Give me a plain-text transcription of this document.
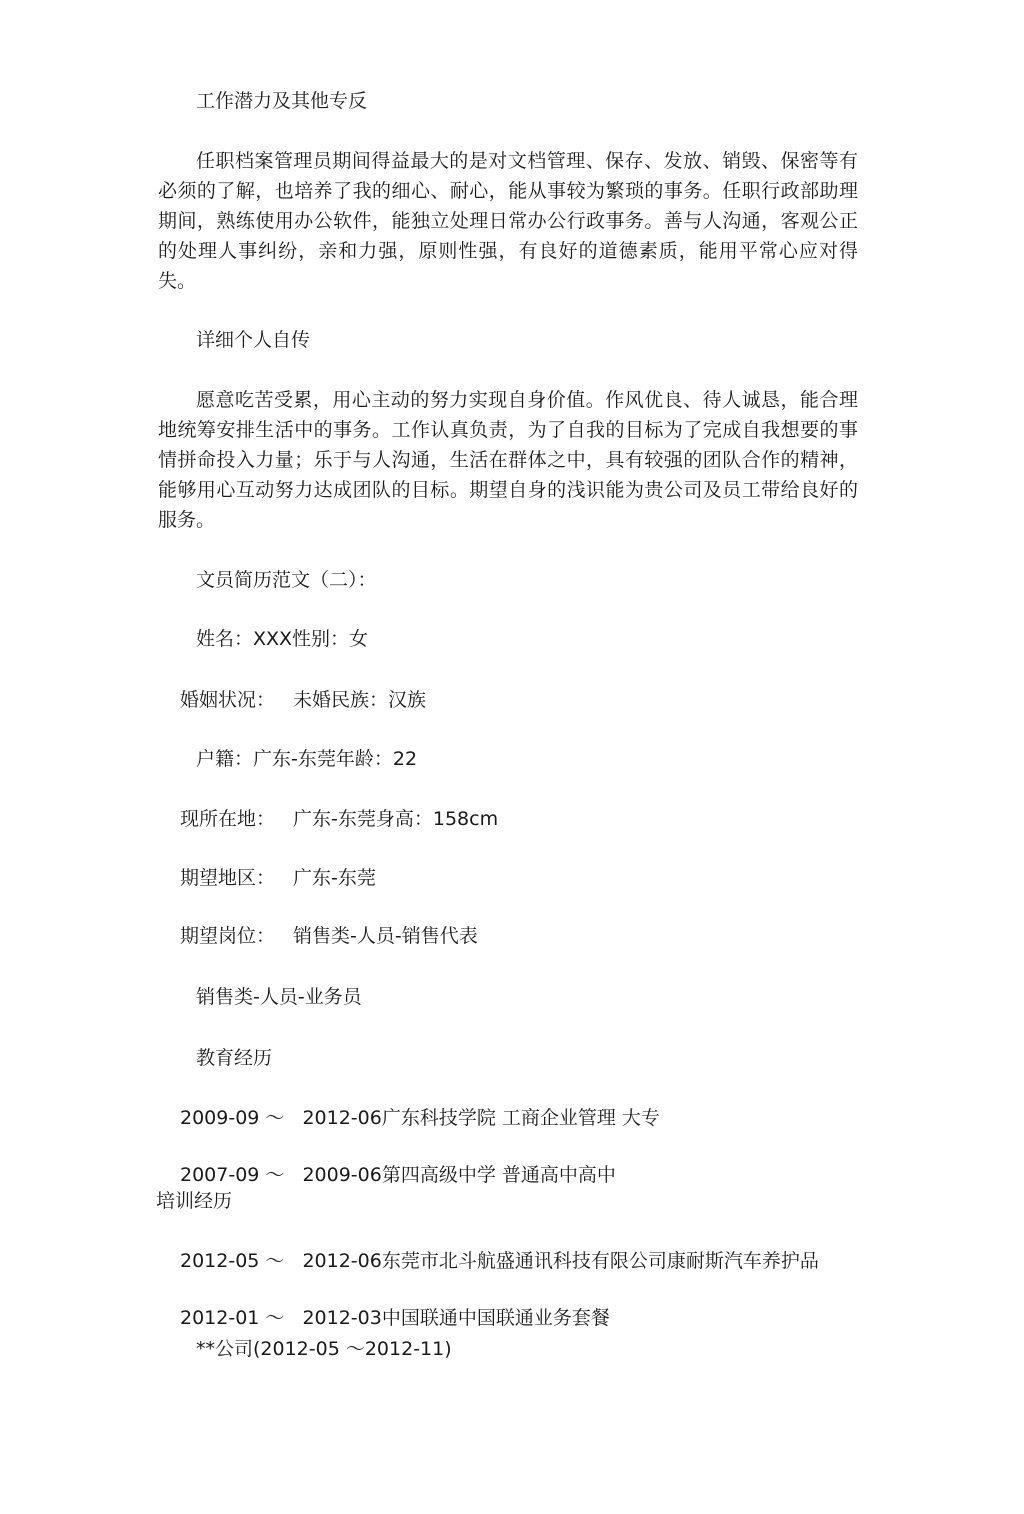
工作潜力及其他专反
任职档案管理员期间得益最大的是对文档管理、保存、发放、销毁、保密等有必须的了解，也培养了我的细心、耐心，能从事较为繁琐的事务。任职行政部助理期间，熟练使用办公软件，能独立处理日常办公行政事务。善与人沟通，客观公正的处理人事纠纷，亲和力强，原则性强，有良好的道德素质，能用平常心应对得失。
详细个人自传
愿意吃苦受累，用心主动的努力实现自身价值。作风优良、待人诚恳，能合理地统筹安排生活中的事务。工作认真负责，为了自我的目标为了完成自我想要的事情拼命投入力量；乐于与人沟通，生活在群体之中，具有较强的团队合作的精神，能够用心互动努力达成团队的目标。期望自身的浅识能为贵公司及员工带给良好的服务。
文员简历范文（二）：
姓名：XXX性别：女
婚姻状况： 未婚民族：汉族
户籍：广东-东莞年龄：22
现所在地： 广东-东莞身高：158cm
期望地区： 广东-东莞
期望岗位： 销售类-人员-销售代表
销售类-人员-业务员
教育经历
2009-09 ～ 2012-06广东科技学院 工商企业管理 大专
2007-09 ～ 2009-06第四高级中学 普通高中高中
培训经历
2012-05 ～ 2012-06东莞市北斗航盛通讯科技有限公司康耐斯汽车养护品
2012-01 ～ 2012-03中国联通中国联通业务套餐
**公司(2012-05 ～2012-11)
